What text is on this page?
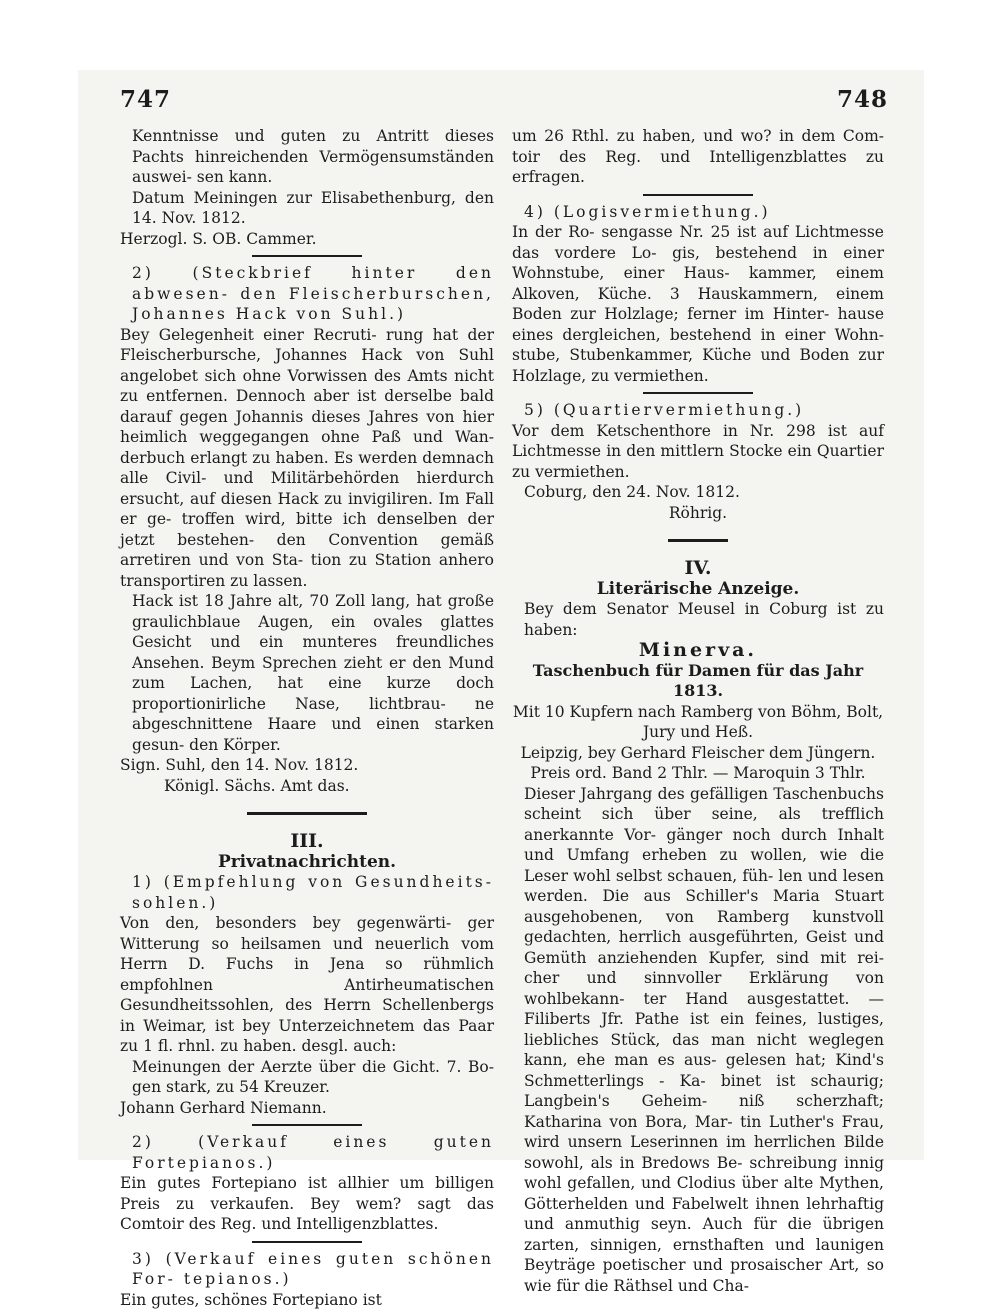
747	748

Kenntnisse und guten zu Antritt dieses Pachts hinreichenden Vermögensumständen auswei- sen kann.

Datum Meiningen zur Elisabethenburg, den 14. Nov. 1812.

Herzogl. S. OB. Cammer.

2) (Steckbrief hinter den abwesen- den Fleischerburschen, Johannes Hack von Suhl.)

Bey Gelegenheit einer Recruti- rung hat der Fleischerbursche, Johannes Hack von Suhl angelobet sich ohne Vorwissen des Amts nicht zu entfernen. Dennoch aber ist derselbe bald darauf gegen Johannis dieses Jahres von hier heimlich weggegangen ohne Paß und Wan- derbuch erlangt zu haben. Es werden demnach alle Civil- und Militärbehörden hierdurch ersucht, auf diesen Hack zu invigiliren. Im Fall er ge- troffen wird, bitte ich denselben der jetzt bestehen- den Convention gemäß arretiren und von Sta- tion zu Station anhero transportiren zu lassen.

Hack ist 18 Jahre alt, 70 Zoll lang, hat große graulichblaue Augen, ein ovales glattes Gesicht und ein munteres freundliches Ansehen. Beym Sprechen zieht er den Mund zum Lachen, hat eine kurze doch proportionirliche Nase, lichtbrau- ne abgeschnittene Haare und einen starken gesun- den Körper.

Sign. Suhl, den 14. Nov. 1812.

Königl. Sächs. Amt das.

III.

Privatnachrichten.

1) (Empfehlung von Gesundheits- sohlen.)

Von den, besonders bey gegenwärti- ger Witterung so heilsamen und neuerlich vom Herrn D. Fuchs in Jena so rühmlich empfohlnen Antirheumatischen Gesundheitssohlen, des Herrn Schellenbergs in Weimar, ist bey Unterzeichnetem das Paar zu 1 fl. rhnl. zu haben. desgl. auch:

Meinungen der Aerzte über die Gicht. 7. Bo- gen stark, zu 54 Kreuzer.

Johann Gerhard Niemann.

2) (Verkauf eines guten Fortepianos.)

Ein gutes Fortepiano ist allhier um billigen Preis zu verkaufen. Bey wem? sagt das Comtoir des Reg. und Intelligenzblattes.

3) (Verkauf eines guten schönen For- tepianos.)

Ein gutes, schönes Fortepiano ist

um 26 Rthl. zu haben, und wo? in dem Com- toir des Reg. und Intelligenzblattes zu erfragen.

4) (Logisvermiethung.)

In der Ro- sengasse Nr. 25 ist auf Lichtmesse das vordere Lo- gis, bestehend in einer Wohnstube, einer Haus- kammer, einem Alkoven, Küche. 3 Hauskammern, einem Boden zur Holzlage; ferner im Hinter- hause eines dergleichen, bestehend in einer Wohn- stube, Stubenkammer, Küche und Boden zur Holzlage, zu vermiethen.

5) (Quartiervermiethung.)

Vor dem Ketschenthore in Nr. 298 ist auf Lichtmesse in den mittlern Stocke ein Quartier zu vermiethen.

Coburg, den 24. Nov. 1812.

Röhrig.

IV.

Literärische Anzeige.

Bey dem Senator Meusel in Coburg ist zu haben:

Minerva.

Taschenbuch für Damen für das Jahr 1813.

Mit 10 Kupfern nach Ramberg von Böhm, Bolt, Jury und Heß.

Leipzig, bey Gerhard Fleischer dem Jüngern.

Preis ord. Band 2 Thlr. — Maroquin 3 Thlr.

Dieser Jahrgang des gefälligen Taschenbuchs scheint sich über seine, als trefflich anerkannte Vor- gänger noch durch Inhalt und Umfang erheben zu wollen, wie die Leser wohl selbst schauen, füh- len und lesen werden. Die aus Schiller's Maria Stuart ausgehobenen, von Ramberg kunstvoll gedachten, herrlich ausgeführten, Geist und Gemüth anziehenden Kupfer, sind mit rei- cher und sinnvoller Erklärung von wohlbekann- ter Hand ausgestattet. — Filiberts Jfr. Pathe ist ein feines, lustiges, liebliches Stück, das man nicht weglegen kann, ehe man es aus- gelesen hat; Kind's Schmetterlings - Ka- binet ist schaurig; Langbein's Geheim- niß scherzhaft; Katharina von Bora, Mar- tin Luther's Frau, wird unsern Leserinnen im herrlichen Bilde sowohl, als in Bredows Be- schreibung innig wohl gefallen, und Clodius über alte Mythen, Götterhelden und Fabelwelt ihnen lehrhaftig und anmuthig seyn. Auch für die übrigen zarten, sinnigen, ernsthaften und launigen Beyträge poetischer und prosaischer Art, so wie für die Räthsel und Cha-
